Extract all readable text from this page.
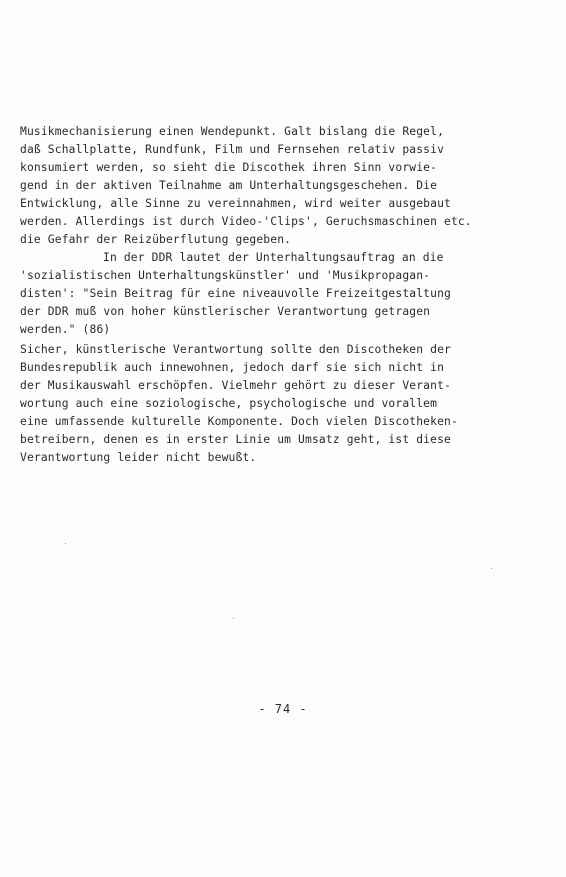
Musikmechanisierung einen Wendepunkt. Galt bislang die Regel,
daß Schallplatte, Rundfunk, Film und Fernsehen relativ passiv
konsumiert werden, so sieht die Discothek ihren Sinn vorwie-
gend in der aktiven Teilnahme am Unterhaltungsgeschehen. Die
Entwicklung, alle Sinne zu vereinnahmen, wird weiter ausgebaut
werden. Allerdings ist durch Video-'Clips', Geruchsmaschinen etc.
die Gefahr der Reizüberflutung gegeben.
In der DDR lautet der Unterhaltungsauftrag an die
'sozialistischen Unterhaltungskünstler' und 'Musikpropagan-
disten': "Sein Beitrag für eine niveauvolle Freizeitgestaltung
der DDR muß von hoher künstlerischer Verantwortung getragen
werden." (86)
Sicher, künstlerische Verantwortung sollte den Discotheken der
Bundesrepublik auch innewohnen, jedoch darf sie sich nicht in
der Musikauswahl erschöpfen. Vielmehr gehört zu dieser Verant-
wortung auch eine soziologische, psychologische und vorallem
eine umfassende kulturelle Komponente. Doch vielen Discotheken-
betreibern, denen es in erster Linie um Umsatz geht, ist diese
Verantwortung leider nicht bewußt.
- 74 -
